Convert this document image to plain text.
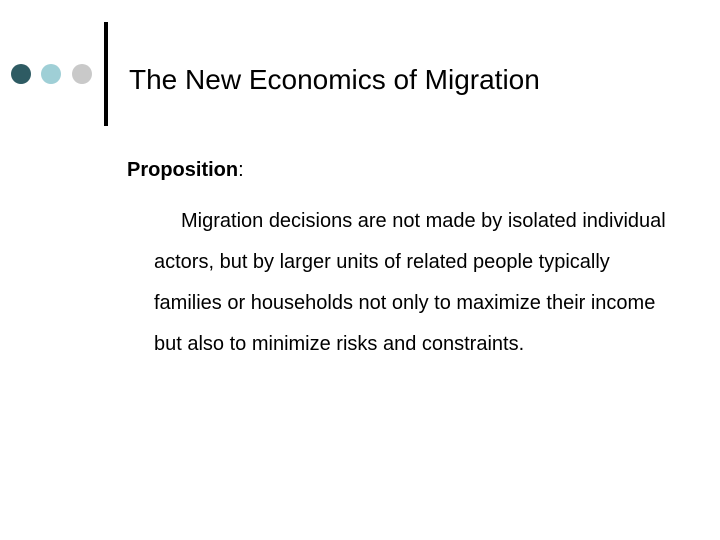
The New Economics of Migration
Proposition:

Migration decisions are not made by isolated individual actors, but by larger units of related people typically families or households not only to maximize their income but also to minimize risks and constraints.
